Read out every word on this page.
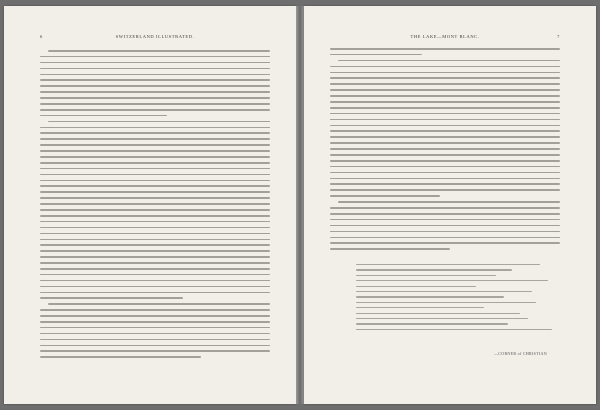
6	SWITZERLAND ILLUSTRATED.	THE LAKE—MONT BLANC.	7
—CORNER of CHRISTIAN
